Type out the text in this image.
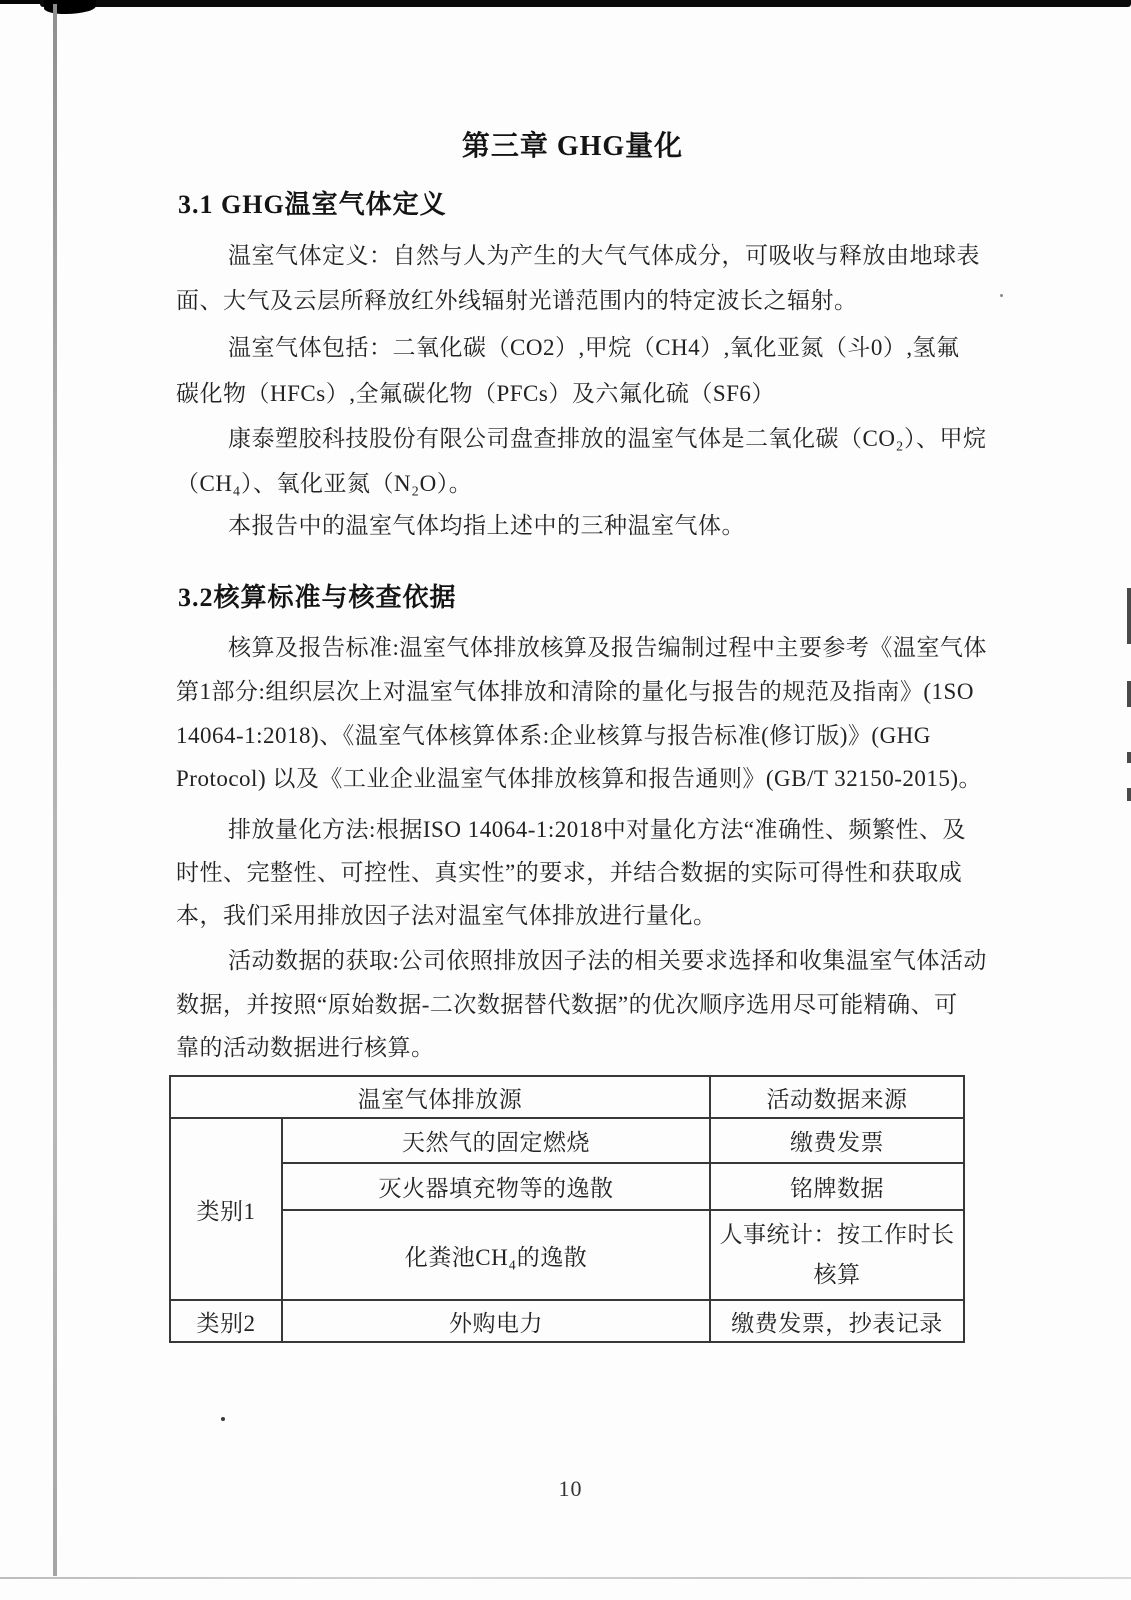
第三章 GHG量化
3.1 GHG温室气体定义
温室气体定义：自然与人为产生的大气气体成分，可吸收与释放由地球表
面、大气及云层所释放红外线辐射光谱范围内的特定波长之辐射。
温室气体包括：二氧化碳（CO2）,甲烷（CH4）,氧化亚氮（斗0）,氢氟
碳化物（HFCs）,全氟碳化物（PFCs）及六氟化硫（SF6）
康泰塑胶科技股份有限公司盘查排放的温室气体是二氧化碳（CO₂）、甲烷
（CH₄）、氧化亚氮（N₂O）。
本报告中的温室气体均指上述中的三种温室气体。
3.2核算标准与核查依据
核算及报告标准:温室气体排放核算及报告编制过程中主要参考《温室气体
第1部分:组织层次上对温室气体排放和清除的量化与报告的规范及指南》(1SO
14064-1:2018)、《温室气体核算体系:企业核算与报告标准(修订版)》(GHG
Protocol) 以及《工业企业温室气体排放核算和报告通则》(GB/T 32150-2015)。
排放量化方法:根据ISO 14064-1:2018中对量化方法“准确性、频繁性、及
时性、完整性、可控性、真实性”的要求，并结合数据的实际可得性和获取成
本，我们采用排放因子法对温室气体排放进行量化。
活动数据的获取:公司依照排放因子法的相关要求选择和收集温室气体活动
数据，并按照“原始数据-二次数据替代数据”的优次顺序选用尽可能精确、可
靠的活动数据进行核算。
温室气体排放源		活动数据来源
类别1	天然气的固定燃烧	缴费发票
	灭火器填充物等的逸散	铭牌数据
	化粪池CH₄的逸散	人事统计：按工作时长核算
类别2	外购电力	缴费发票，抄表记录
10
